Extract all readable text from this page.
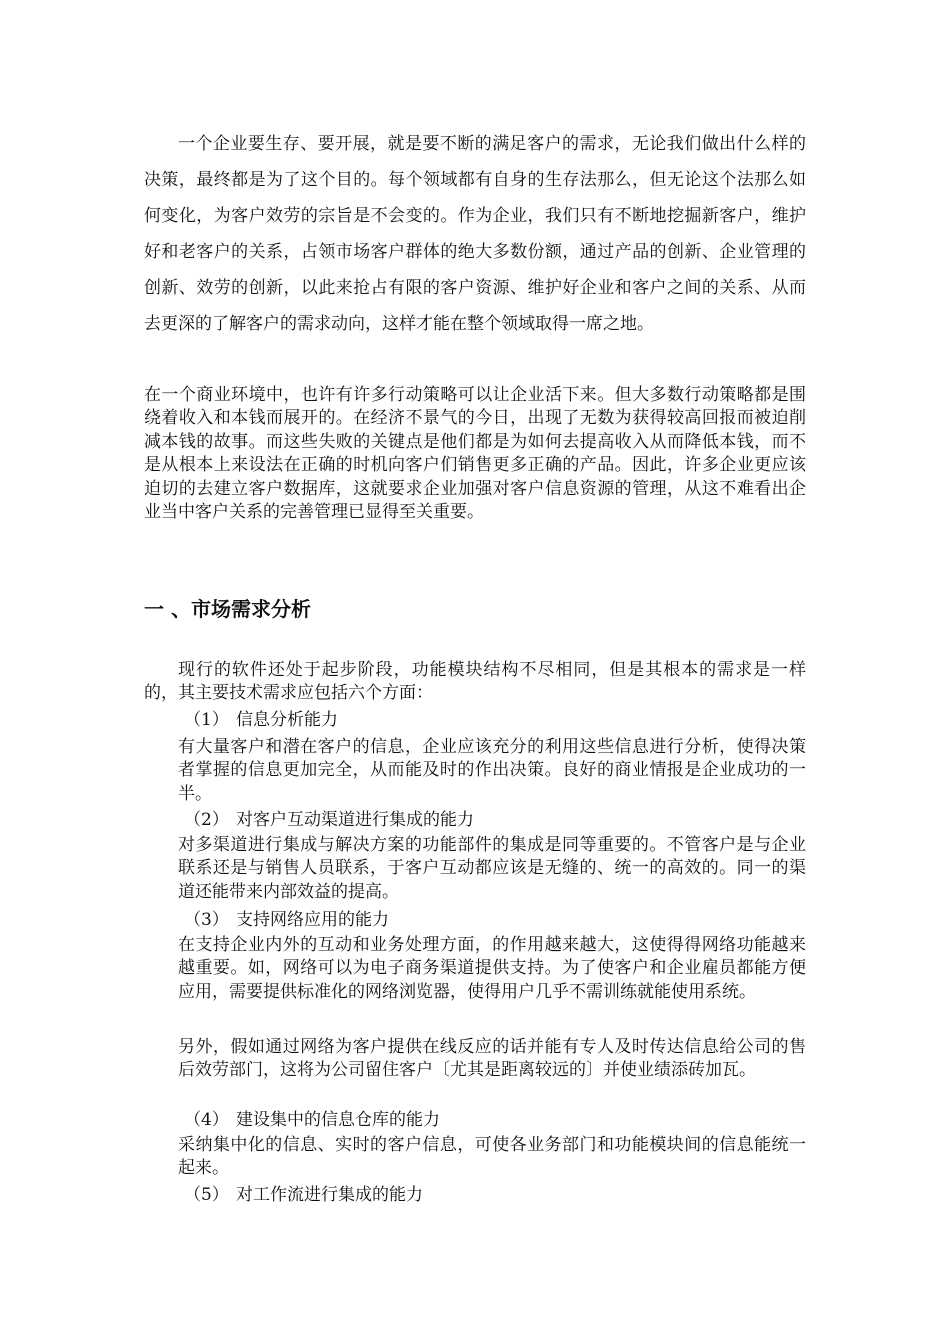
一个企业要生存、要开展，就是要不断的满足客户的需求，无论我们做出什么样的决策，最终都是为了这个目的。每个领域都有自身的生存法那么，但无论这个法那么如何变化，为客户效劳的宗旨是不会变的。作为企业，我们只有不断地挖掘新客户，维护好和老客户的关系，占领市场客户群体的绝大多数份额，通过产品的创新、企业管理的创新、效劳的创新，以此来抢占有限的客户资源、维护好企业和客户之间的关系、从而去更深的了解客户的需求动向，这样才能在整个领域取得一席之地。

在一个商业环境中，也许有许多行动策略可以让企业活下来。但大多数行动策略都是围绕着收入和本钱而展开的。在经济不景气的今日，出现了无数为获得较高回报而被迫削减本钱的故事。而这些失败的关键点是他们都是为如何去提高收入从而降低本钱，而不是从根本上来设法在正确的时机向客户们销售更多正确的产品。因此，许多企业更应该迫切的去建立客户数据库，这就要求企业加强对客户信息资源的管理，从这不难看出企业当中客户关系的完善管理已显得至关重要。

一 、市场需求分析

现行的软件还处于起步阶段，功能模块结构不尽相同，但是其根本的需求是一样的，其主要技术需求应包括六个方面：

（1） 信息分析能力

有大量客户和潜在客户的信息，企业应该充分的利用这些信息进行分析，使得决策者掌握的信息更加完全，从而能及时的作出决策。良好的商业情报是企业成功的一半。

（2） 对客户互动渠道进行集成的能力

对多渠道进行集成与解决方案的功能部件的集成是同等重要的。不管客户是与企业联系还是与销售人员联系，于客户互动都应该是无缝的、统一的高效的。同一的渠道还能带来内部效益的提高。

（3） 支持网络应用的能力

在支持企业内外的互动和业务处理方面，的作用越来越大，这使得得网络功能越来越重要。如，网络可以为电子商务渠道提供支持。为了使客户和企业雇员都能方便应用，需要提供标准化的网络浏览器，使得用户几乎不需训练就能使用系统。

另外，假如通过网络为客户提供在线反应的话并能有专人及时传达信息给公司的售后效劳部门，这将为公司留住客户〔尤其是距离较远的〕并使业绩添砖加瓦。

（4） 建设集中的信息仓库的能力

采纳集中化的信息、实时的客户信息，可使各业务部门和功能模块间的信息能统一起来。

（5） 对工作流进行集成的能力
